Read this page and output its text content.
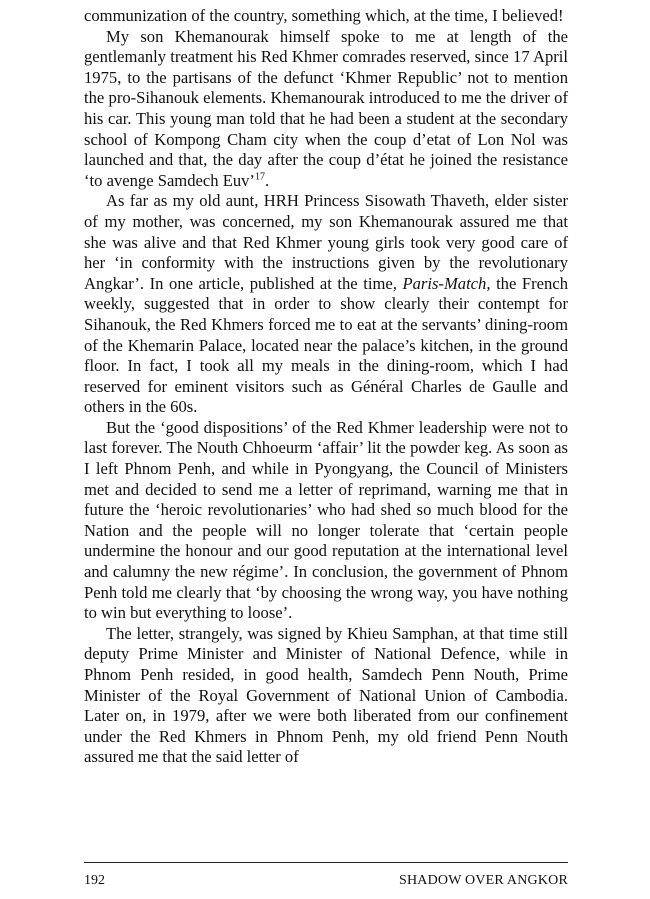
communization of the country, something which, at the time, I believed!

My son Khemanourak himself spoke to me at length of the gentlemanly treatment his Red Khmer comrades reserved, since 17 April 1975, to the partisans of the defunct ‘Khmer Republic’ not to mention the pro-Sihanouk elements. Khemanourak introduced to me the driver of his car. This young man told that he had been a student at the secondary school of Kompong Cham city when the coup d’etat of Lon Nol was launched and that, the day after the coup d’état he joined the resistance ‘to avenge Samdech Euv’$^{17}$.

As far as my old aunt, HRH Princess Sisowath Thaveth, elder sister of my mother, was concerned, my son Khemanourak assured me that she was alive and that Red Khmer young girls took very good care of her ‘in conformity with the instructions given by the revolutionary Angkar’. In one article, published at the time, Paris-Match, the French weekly, suggested that in order to show clearly their contempt for Sihanouk, the Red Khmers forced me to eat at the servants’ dining-room of the Khemarin Palace, located near the palace’s kitchen, in the ground floor. In fact, I took all my meals in the dining-room, which I had reserved for eminent visitors such as Général Charles de Gaulle and others in the 60s.

But the ‘good dispositions’ of the Red Khmer leadership were not to last forever. The Nouth Chhoeurm ‘affair’ lit the powder keg. As soon as I left Phnom Penh, and while in Pyongyang, the Council of Ministers met and decided to send me a letter of reprimand, warning me that in future the ‘heroic revolutionaries’ who had shed so much blood for the Nation and the people will no longer tolerate that ‘certain people undermine the honour and our good reputation at the international level and calumny the new régime’. In conclusion, the government of Phnom Penh told me clearly that ‘by choosing the wrong way, you have nothing to win but everything to loose’.

The letter, strangely, was signed by Khieu Samphan, at that time still deputy Prime Minister and Minister of National Defence, while in Phnom Penh resided, in good health, Samdech Penn Nouth, Prime Minister of the Royal Government of National Union of Cambodia. Later on, in 1979, after we were both liberated from our confinement under the Red Khmers in Phnom Penh, my old friend Penn Nouth assured me that the said letter of

192	SHADOW OVER ANGKOR
